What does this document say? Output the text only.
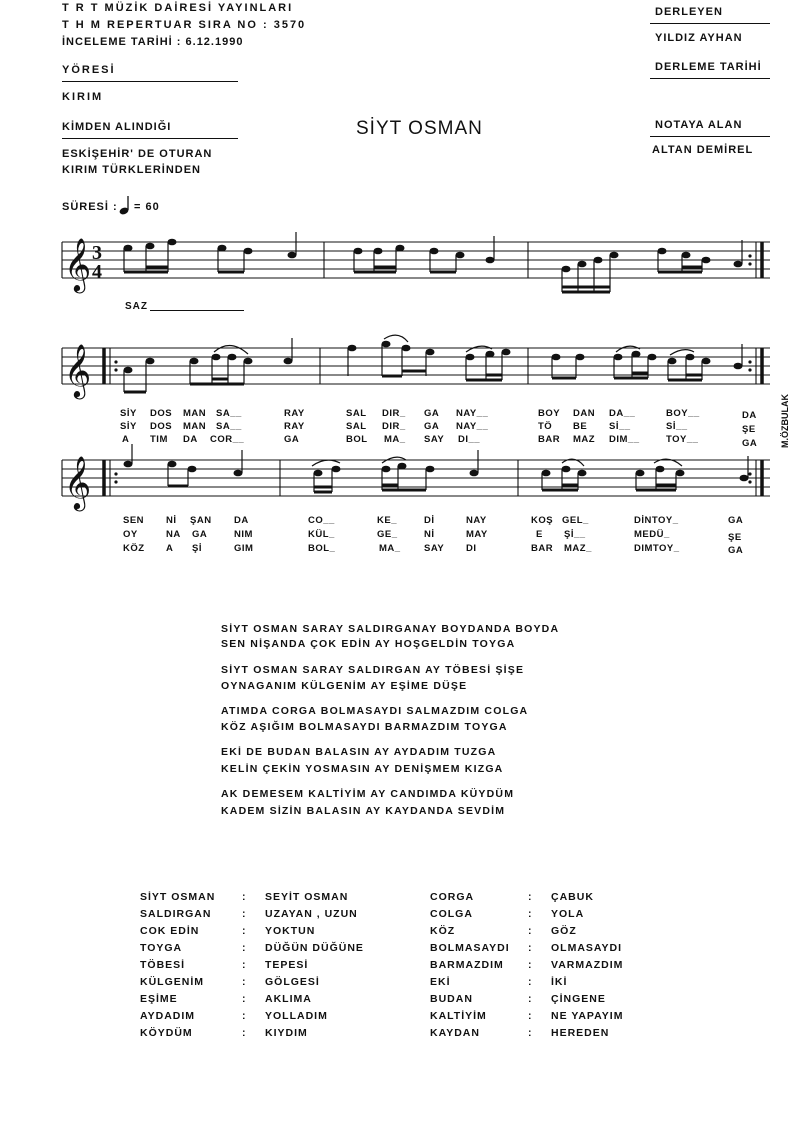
T R T MÜZİK DAİRESİ YAYINLARI
T H M REPERTUAR SIRA NO : 3570
İNCELEME TARİHİ : 6.12.1990
YÖRESİ
KIRIM
KİMDEN ALINDIĞI
ESKİŞEHİR' DE OTURAN
KIRIM TÜRKLERİNDEN
SİYT OSMAN
DERLEYEN
YILDIZ AYHAN
DERLEME TARİHİ
NOTAYA ALAN
ALTAN DEMİREL
SÜRESİ : = 60
𝄞 3
4
SAZ
𝄞
SİY DOS MAN SA__	RAY	SAL DIR_ GA NAY__	BOY DAN DA__	BOY__	DA
SİY DOS MAN SA__	RAY	SAL DIR_ GA NAY__	TÖ BE Sİ__	Sİ__	ŞE
A TIM DA COR__	GA	BOL MA_ SAY DI__	BAR MAZ DIM__	TOY__	GA
𝄞
M.ÖZBULAK
SEN Nİ ŞAN DA	CO__	KE_	Dİ	NAY	KOŞ GEL_	DİNTOY_	GA
OY	NA GA	NIM	KÜL_	GE_	Nİ	MAY	E Şİ__	MEDÜ_	ŞE
KÖZ A Şİ	GIM	BOL_	MA_ SAY DI	BAR MAZ_	DIMTOY_	GA
SİYT OSMAN SARAY SALDIRGANAY BOYDANDA BOYDA
SEN NİŞANDA ÇOK EDİN AY HOŞGELDİN TOYGA
SİYT OSMAN SARAY SALDIRGAN AY TÖBESİ ŞİŞE
OYNAGANIM KÜLGENİM AY EŞİME DÜŞE
ATIMDA CORGA BOLMASAYDI SALMAZDIM COLGA
KÖZ AŞIĞIM BOLMASAYDI BARMAZDIM TOYGA
EKİ DE BUDAN BALASIN AY AYDADIM TUZGA
KELİN ÇEKİN YOSMASIN AY DENİŞMEM KIZGA
AK DEMESEM KALTİYİM AY CANDIMDA KÜYDÜM
KADEM SİZİN BALASIN AY KAYDANDA SEVDİM
SİYT OSMAN	: SEYİT OSMAN
SALDIRGAN	: UZAYAN , UZUN
COK EDİN	: YOKTUN
TOYGA	: DÜĞÜN DÜĞÜNE
TÖBESİ	: TEPESİ
KÜLGENİM	: GÖLGESİ
EŞİME	: AKLIMA
AYDADIM	: YOLLADIM
KÖYDÜM	: KIYDIM
CORGA	: ÇABUK
COLGA	: YOLA
KÖZ	: GÖZ
BOLMASAYDI : OLMASAYDI
BARMAZDIM : VARMAZDIM
EKİ	: İKİ
BUDAN	: ÇİNGENE
KALTİYİM	: NE YAPAYIM
KAYDAN	: HEREDEN
